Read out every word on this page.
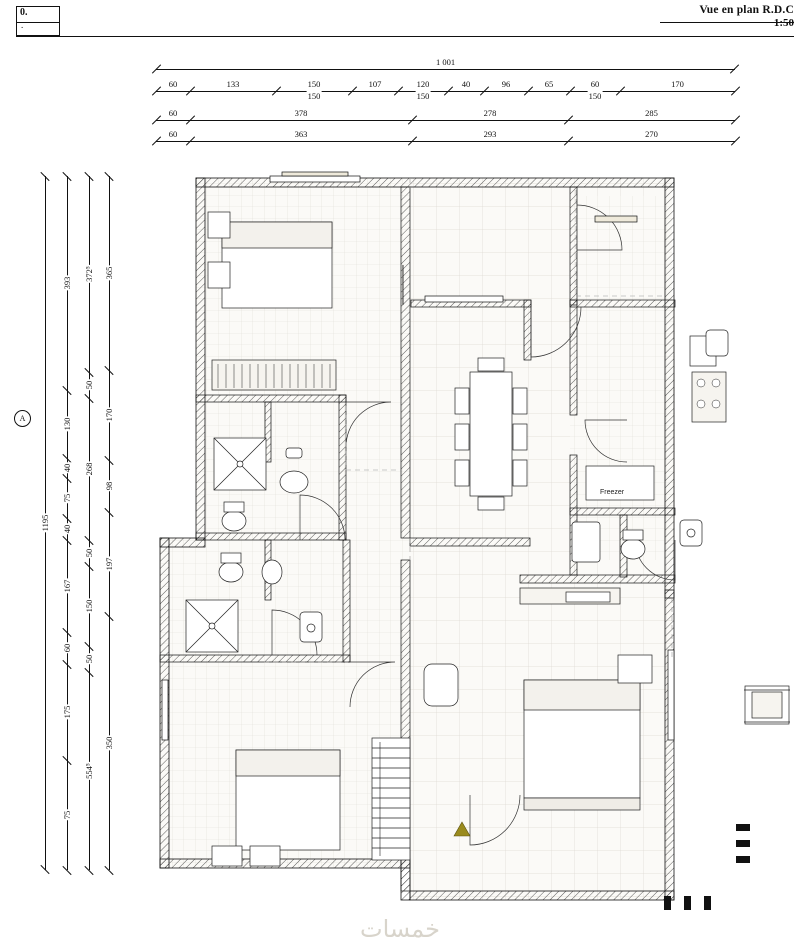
0.
.
Vue en plan R.D.C
1:50
1 001
60	133	150
150
107	120
150
40	96	65	60
150
170
60	378	278	285
60	363	293	270
393
130
40
75
40
167
60
175
75
372⁵
50
268
50
150
50
554⁵
365
170
98
197
350
1195
A
Freezer
خمسات
